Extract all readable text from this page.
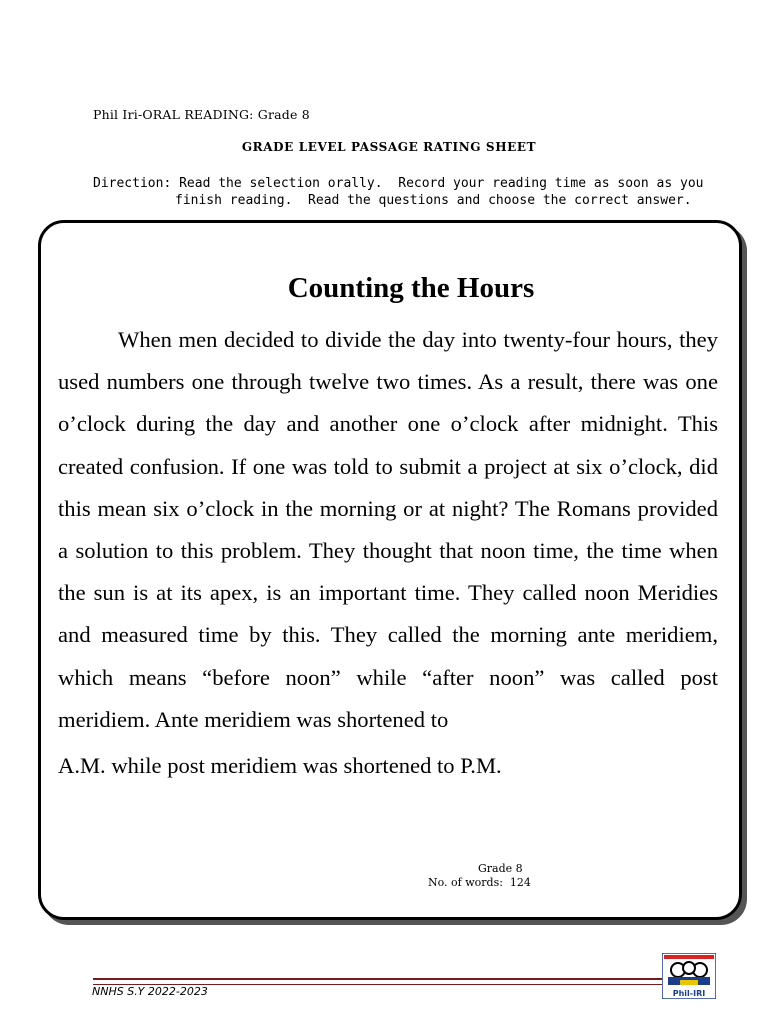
Phil Iri-ORAL READING: Grade 8
GRADE LEVEL PASSAGE RATING SHEET
Direction: Read the selection orally.  Record your reading time as soon as you
finish reading.  Read the questions and choose the correct answer.
Counting the Hours
When men decided to divide the day into twenty-four hours, they used numbers one through twelve two times. As a result, there was one o’clock during the day and another one o’clock after midnight. This created confusion. If one was told to submit a project at six o’clock, did this mean six o’clock in the morning or at night? The Romans provided a solution to this problem. They thought that noon time, the time when the sun is at its apex, is an important time. They called noon Meridies and measured time by this. They called the morning ante meridiem, which means “before noon” while “after noon” was called post meridiem. Ante meridiem was shortened to
A.M. while post meridiem was shortened to P.M.
Grade 8
No. of words:  124
NNHS S.Y 2022-2023	Phil-IRI
